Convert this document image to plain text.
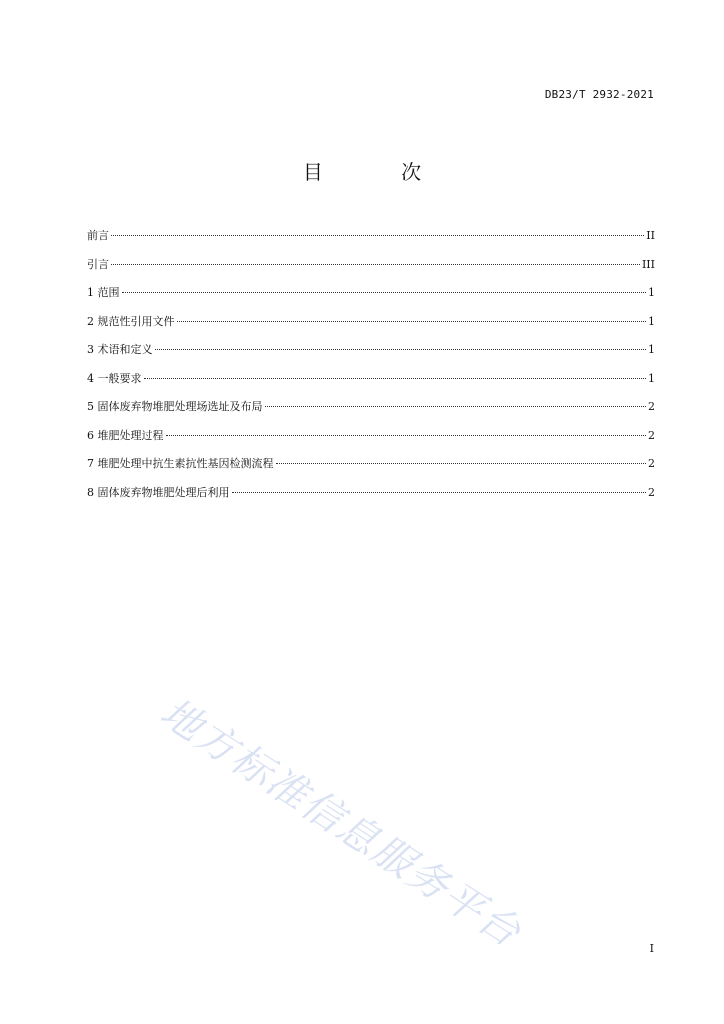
DB23/T 2932-2021
目 次
前言	II
引言	III
1 范围	1
2 规范性引用文件	1
3 术语和定义	1
4 一般要求	1
5 固体废弃物堆肥处理场选址及布局	2
6 堆肥处理过程	2
7 堆肥处理中抗生素抗性基因检测流程	2
8 固体废弃物堆肥处理后利用	2
地方标准信息服务平台	I
